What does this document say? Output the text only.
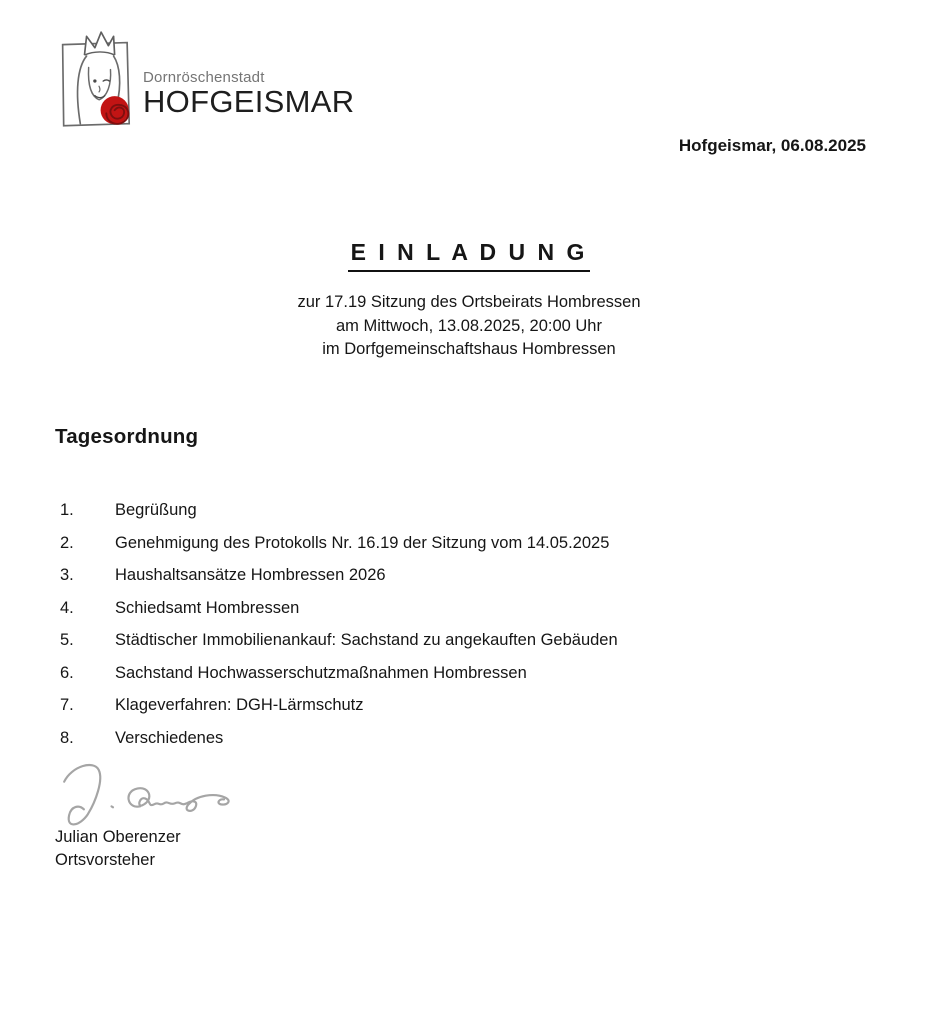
Dornröschenstadt
HOFGEISMAR
Hofgeismar, 06.08.2025
E I N L A D U N G
zur 17.19 Sitzung des Ortsbeirats Hombressen
am Mittwoch, 13.08.2025, 20:00 Uhr
im Dorfgemeinschaftshaus Hombressen
Tagesordnung
1.	Begrüßung
2.	Genehmigung des Protokolls Nr. 16.19 der Sitzung vom 14.05.2025
3.	Haushaltsansätze Hombressen 2026
4.	Schiedsamt Hombressen
5.	Städtischer Immobilienankauf: Sachstand zu angekauften Gebäuden
6.	Sachstand Hochwasserschutzmaßnahmen Hombressen
7.	Klageverfahren: DGH-Lärmschutz
8.	Verschiedenes
Julian Oberenzer
Ortsvorsteher
